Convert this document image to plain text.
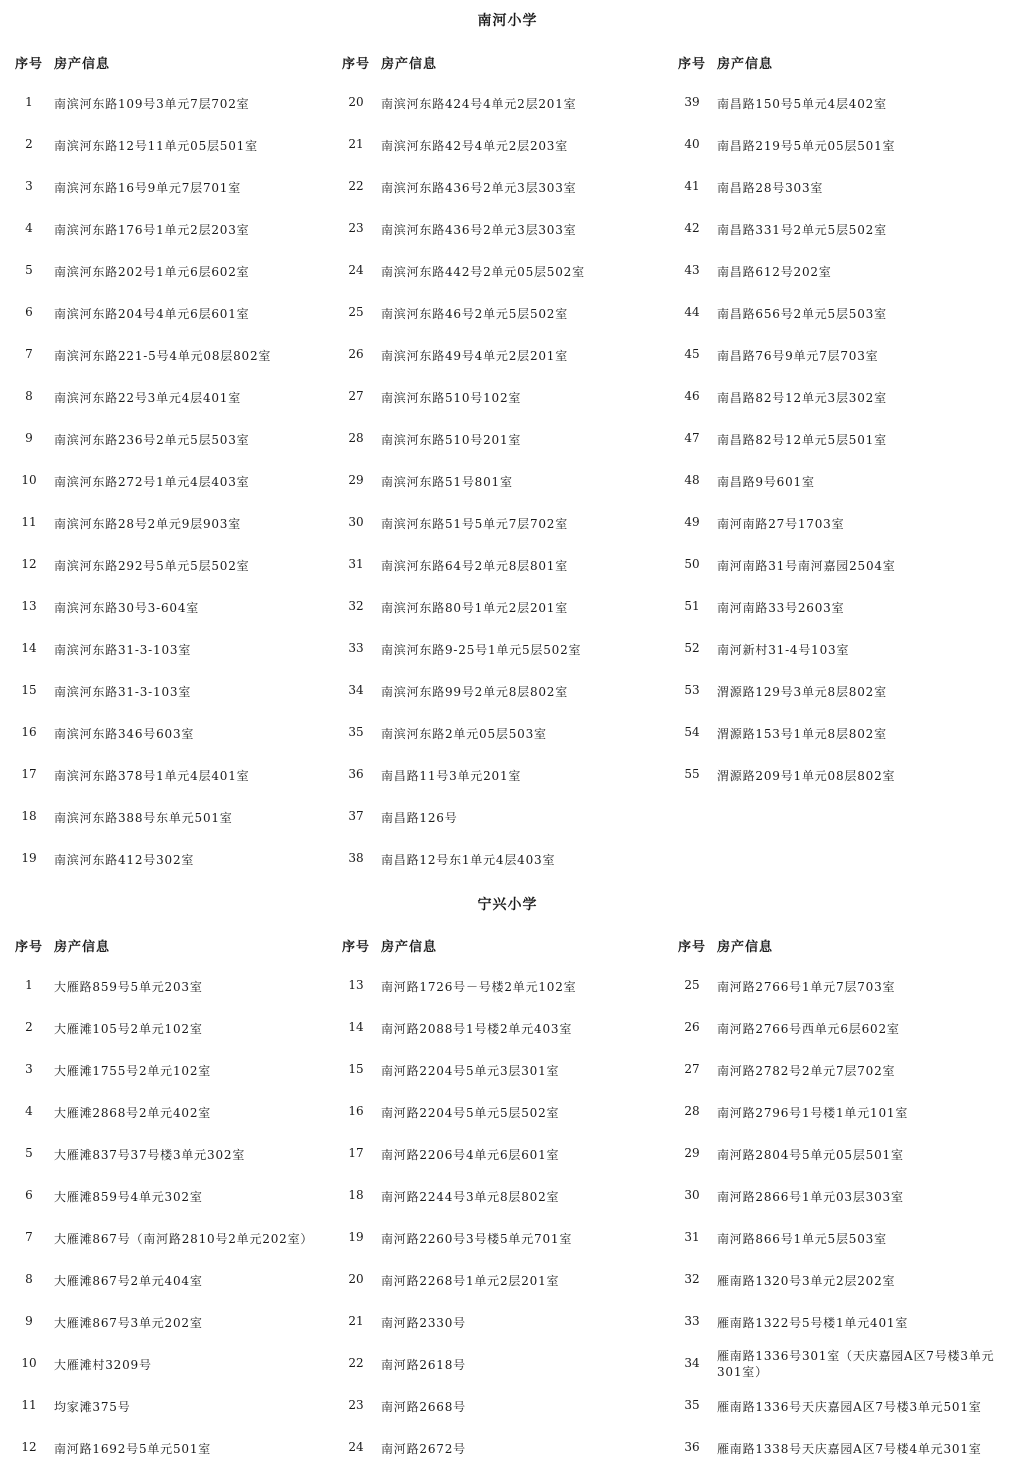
南河小学
序号 房产信息
1	南滨河东路109号3单元7层702室
2	南滨河东路12号11单元05层501室
3	南滨河东路16号9单元7层701室
4	南滨河东路176号1单元2层203室
5	南滨河东路202号1单元6层602室
6	南滨河东路204号4单元6层601室
7	南滨河东路221-5号4单元08层802室
8	南滨河东路22号3单元4层401室
9	南滨河东路236号2单元5层503室
10	南滨河东路272号1单元4层403室
11	南滨河东路28号2单元9层903室
12	南滨河东路292号5单元5层502室
13	南滨河东路30号3-604室
14	南滨河东路31-3-103室
15	南滨河东路31-3-103室
16	南滨河东路346号603室
17	南滨河东路378号1单元4层401室
18	南滨河东路388号东单元501室
19	南滨河东路412号302室
序号 房产信息
20	南滨河东路424号4单元2层201室
21	南滨河东路42号4单元2层203室
22	南滨河东路436号2单元3层303室
23	南滨河东路436号2单元3层303室
24	南滨河东路442号2单元05层502室
25	南滨河东路46号2单元5层502室
26	南滨河东路49号4单元2层201室
27	南滨河东路510号102室
28	南滨河东路510号201室
29	南滨河东路51号801室
30	南滨河东路51号5单元7层702室
31	南滨河东路64号2单元8层801室
32	南滨河东路80号1单元2层201室
33	南滨河东路9-25号1单元5层502室
34	南滨河东路99号2单元8层802室
35	南滨河东路2单元05层503室
36	南昌路11号3单元201室
37	南昌路126号
38	南昌路12号东1单元4层403室
序号 房产信息
39	南昌路150号5单元4层402室
40	南昌路219号5单元05层501室
41	南昌路28号303室
42	南昌路331号2单元5层502室
43	南昌路612号202室
44	南昌路656号2单元5层503室
45	南昌路76号9单元7层703室
46	南昌路82号12单元3层302室
47	南昌路82号12单元5层501室
48	南昌路9号601室
49	南河南路27号1703室
50	南河南路31号南河嘉园2504室
51	南河南路33号2603室
52	南河新村31-4号103室
53	渭源路129号3单元8层802室
54	渭源路153号1单元8层802室
55	渭源路209号1单元08层802室
宁兴小学
序号 房产信息
1	大雁路859号5单元203室
2	大雁滩105号2单元102室
3	大雁滩1755号2单元102室
4	大雁滩2868号2单元402室
5	大雁滩837号37号楼3单元302室
6	大雁滩859号4单元302室
7	大雁滩867号（南河路2810号2单元202室）
8	大雁滩867号2单元404室
9	大雁滩867号3单元202室
10	大雁滩村3209号
11	均家滩375号
12	南河路1692号5单元501室
序号 房产信息
13	南河路1726号－号楼2单元102室
14	南河路2088号1号楼2单元403室
15	南河路2204号5单元3层301室
16	南河路2204号5单元5层502室
17	南河路2206号4单元6层601室
18	南河路2244号3单元8层802室
19	南河路2260号3号楼5单元701室
20	南河路2268号1单元2层201室
21	南河路2330号
22	南河路2618号
23	南河路2668号
24	南河路2672号
序号 房产信息
25	南河路2766号1单元7层703室
26	南河路2766号西单元6层602室
27	南河路2782号2单元7层702室
28	南河路2796号1号楼1单元101室
29	南河路2804号5单元05层501室
30	南河路2866号1单元03层303室
31	南河路866号1单元5层503室
32	雁南路1320号3单元2层202室
33	雁南路1322号5号楼1单元401室
34	雁南路1336号301室（天庆嘉园A区7号楼3单元301室）
35	雁南路1336号天庆嘉园A区7号楼3单元501室
36	雁南路1338号天庆嘉园A区7号楼4单元301室
